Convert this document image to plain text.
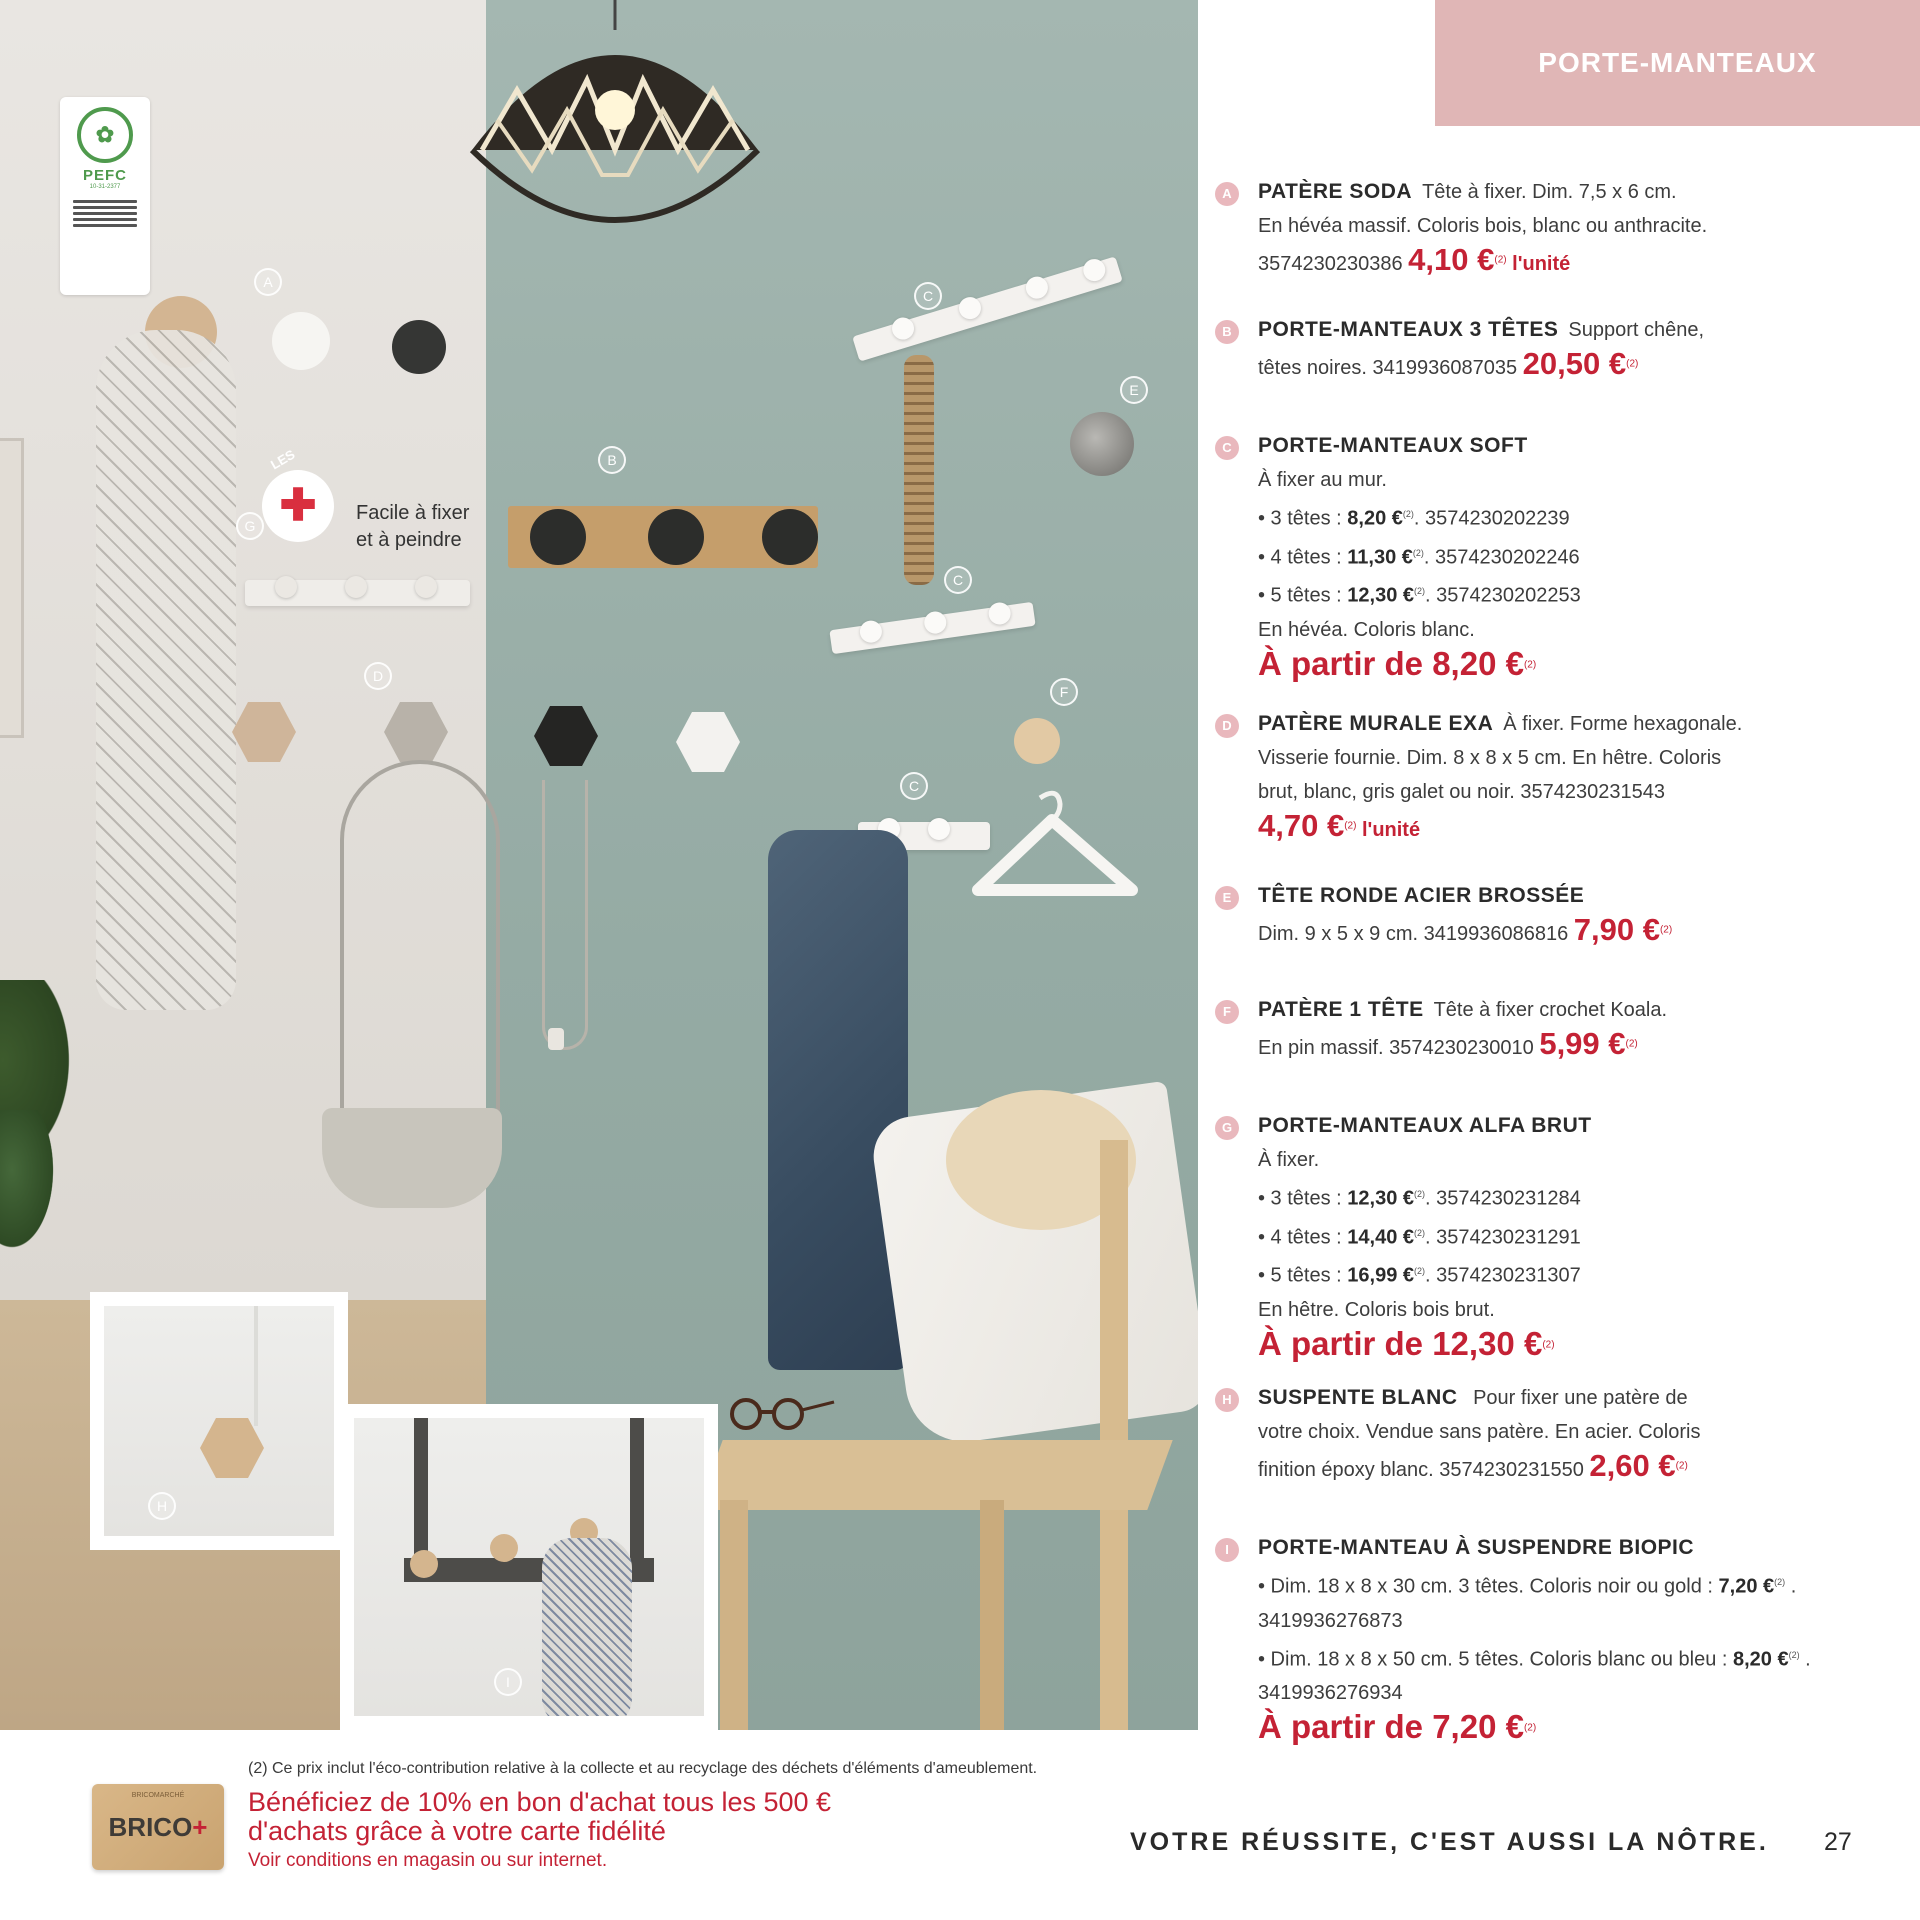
✿
PEFC
10-31-2377
A
G
LES
✚ Facile à fixer
et à peindre
B
C
C
C
E
D
F
H
I
PORTE-MANTEAUX
A	PATÈRE SODA Tête à fixer. Dim. 7,5 x 6 cm.
En hévéa massif. Coloris bois, blanc ou anthracite.
3574230230386 4,10 €$^{(2)}$ l'unité
B	PORTE-MANTEAUX 3 TÊTES Support chêne,
têtes noires. 3419936087035 20,50 €$^{(2)}$
C	PORTE-MANTEAUX SOFT
À fixer au mur.
• 3 têtes : 8,20 €$^{(2)}$. 3574230202239
• 4 têtes : 11,30 €$^{(2)}$. 3574230202246
• 5 têtes : 12,30 €$^{(2)}$. 3574230202253
En hévéa. Coloris blanc.
À partir de 8,20 €$^{(2)}$
D	PATÈRE MURALE EXA À fixer. Forme hexagonale.
Visserie fournie. Dim. 8 x 8 x 5 cm. En hêtre. Coloris
brut, blanc, gris galet ou noir. 3574230231543
4,70 €$^{(2)}$ l'unité
E	TÊTE RONDE ACIER BROSSÉE
Dim. 9 x 5 x 9 cm. 3419936086816 7,90 €$^{(2)}$
F	PATÈRE 1 TÊTE Tête à fixer crochet Koala.
En pin massif. 3574230230010 5,99 €$^{(2)}$
G	PORTE-MANTEAUX ALFA BRUT
À fixer.
• 3 têtes : 12,30 €$^{(2)}$. 3574230231284
• 4 têtes : 14,40 €$^{(2)}$. 3574230231291
• 5 têtes : 16,99 €$^{(2)}$. 3574230231307
En hêtre. Coloris bois brut.
À partir de 12,30 €$^{(2)}$
H	SUSPENTE BLANC Pour fixer une patère de
votre choix. Vendue sans patère. En acier. Coloris
finition époxy blanc. 3574230231550 2,60 €$^{(2)}$
I	PORTE-MANTEAU À SUSPENDRE BIOPIC
• Dim. 18 x 8 x 30 cm. 3 têtes. Coloris noir ou gold : 7,20 €$^{(2)}$ .
3419936276873
• Dim. 18 x 8 x 50 cm. 5 têtes. Coloris blanc ou bleu : 8,20 €$^{(2)}$ .
3419936276934
À partir de 7,20 €$^{(2)}$
(2) Ce prix inclut l'éco-contribution relative à la collecte et au recyclage des déchets d'éléments d'ameublement.
BRICOMARCHÉ
BRICO+
Bénéficiez de 10% en bon d'achat tous les 500 €
d'achats grâce à votre carte fidélité
Voir conditions en magasin ou sur internet.
VOTRE RÉUSSITE, C'EST AUSSI LA NÔTRE. 27
